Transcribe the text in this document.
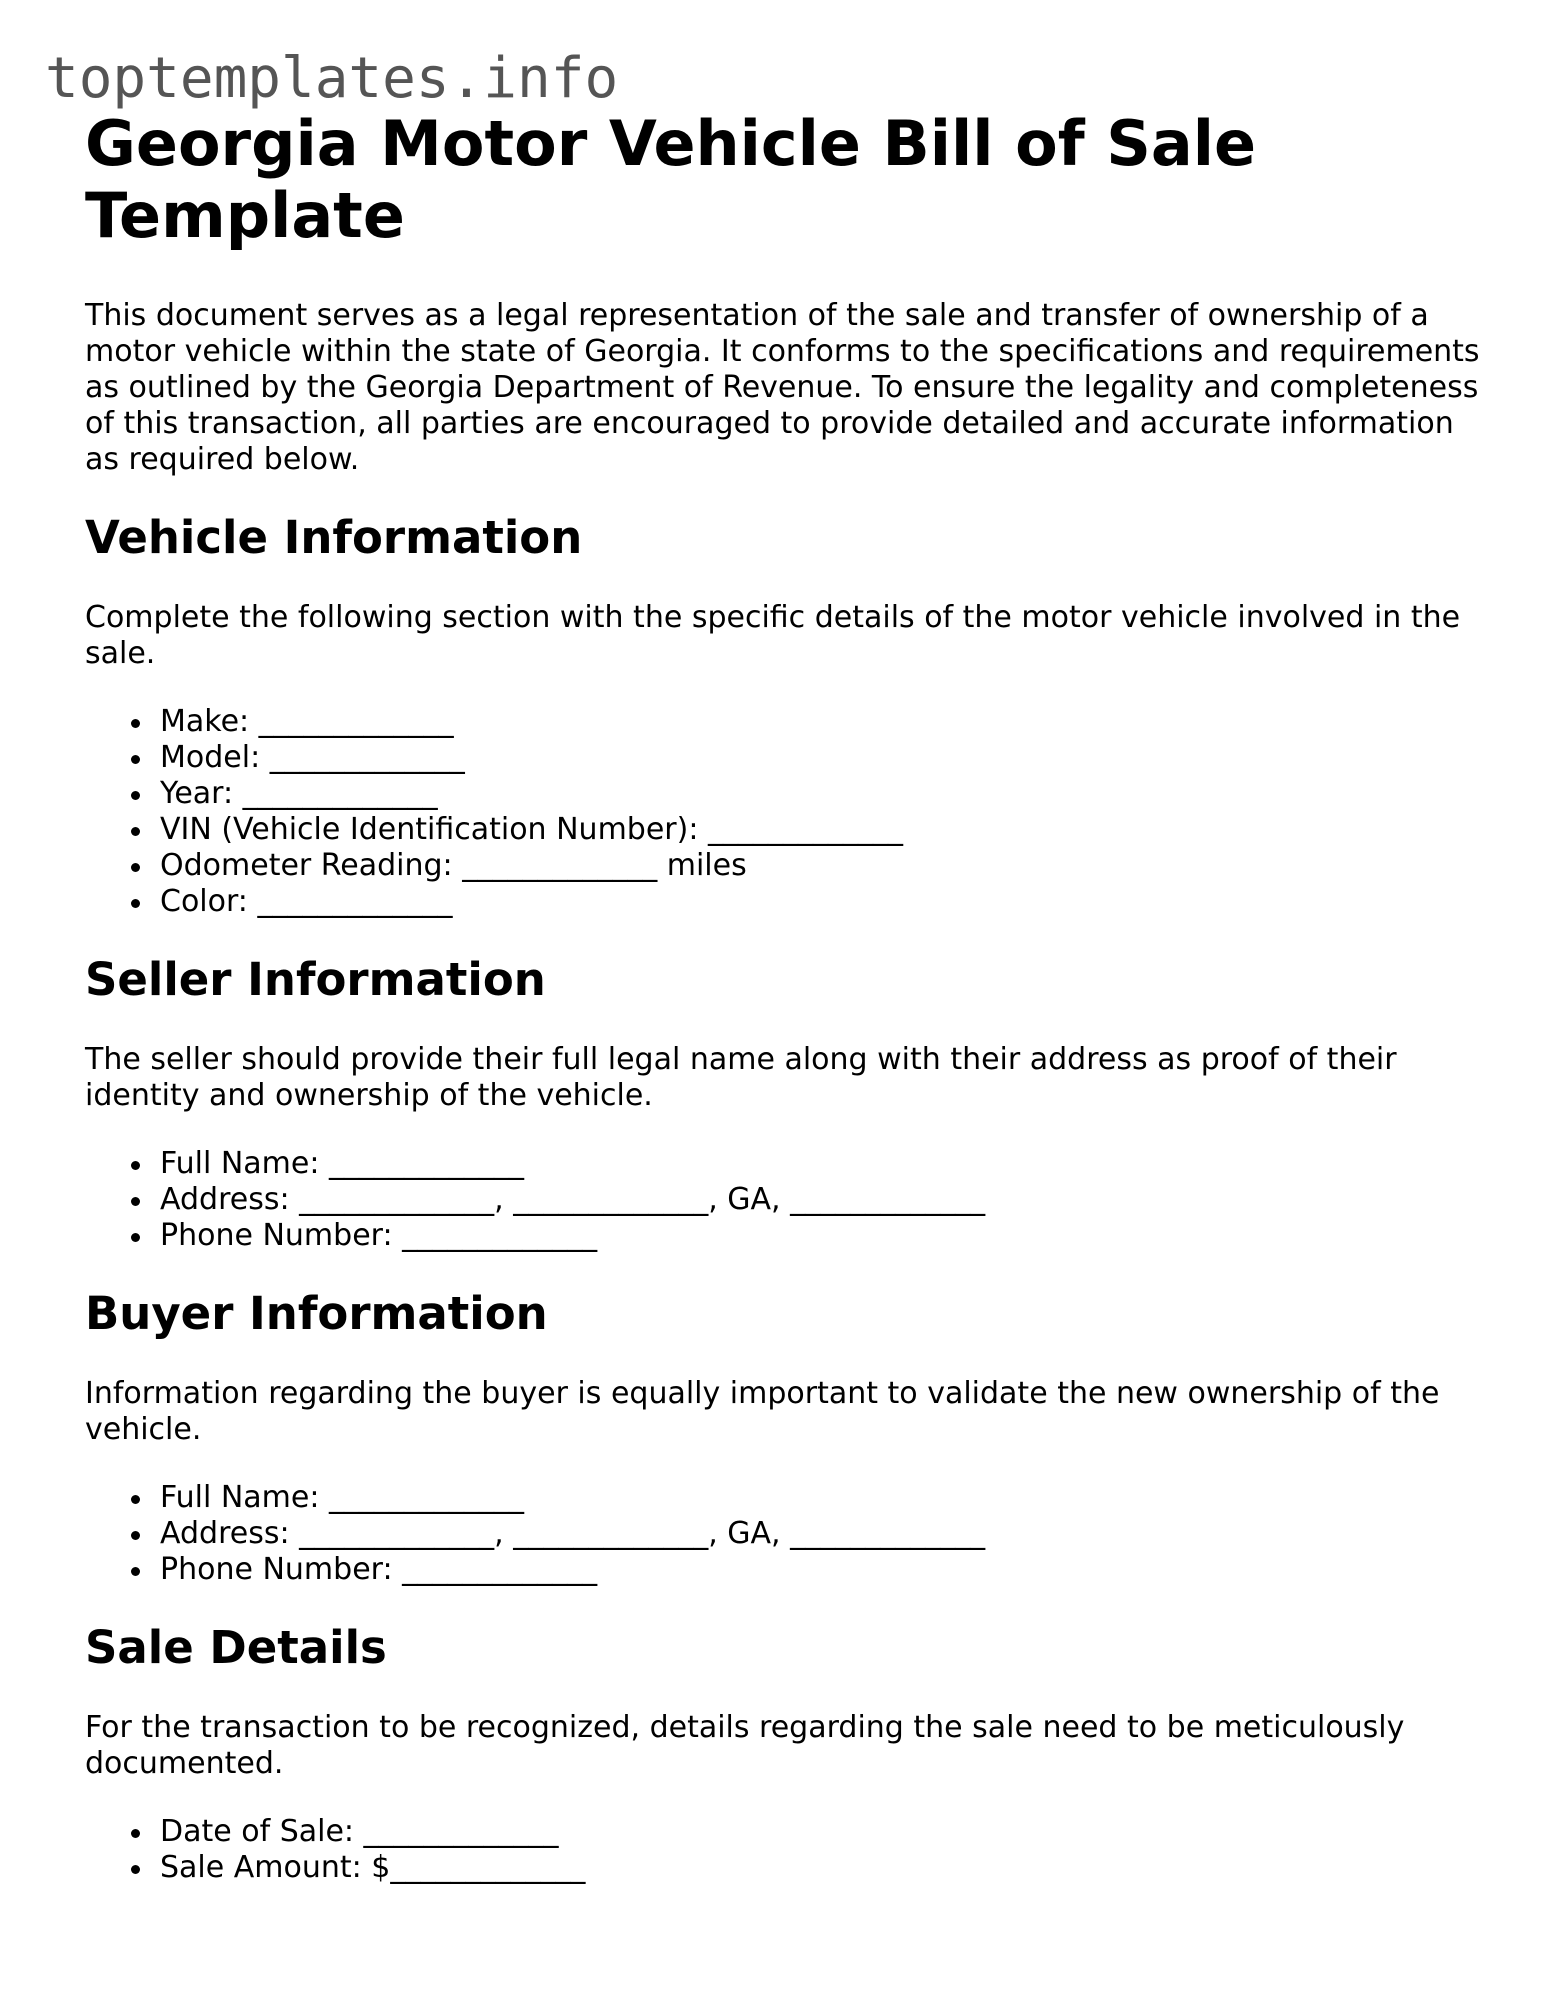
toptemplates.info
Georgia Motor Vehicle Bill of Sale Template

This document serves as a legal representation of the sale and transfer of ownership of a motor vehicle within the state of Georgia. It conforms to the specifications and requirements as outlined by the Georgia Department of Revenue. To ensure the legality and completeness of this transaction, all parties are encouraged to provide detailed and accurate information as required below.

Vehicle Information

Complete the following section with the specific details of the motor vehicle involved in the sale.

Make: _____________
Model: _____________
Year: _____________
VIN (Vehicle Identification Number): _____________
Odometer Reading: _____________ miles
Color: _____________
Seller Information

The seller should provide their full legal name along with their address as proof of their identity and ownership of the vehicle.

Full Name: _____________
Address: _____________, _____________, GA, _____________
Phone Number: _____________
Buyer Information

Information regarding the buyer is equally important to validate the new ownership of the vehicle.

Full Name: _____________
Address: _____________, _____________, GA, _____________
Phone Number: _____________
Sale Details

For the transaction to be recognized, details regarding the sale need to be meticulously documented.

Date of Sale: _____________
Sale Amount: $_____________
